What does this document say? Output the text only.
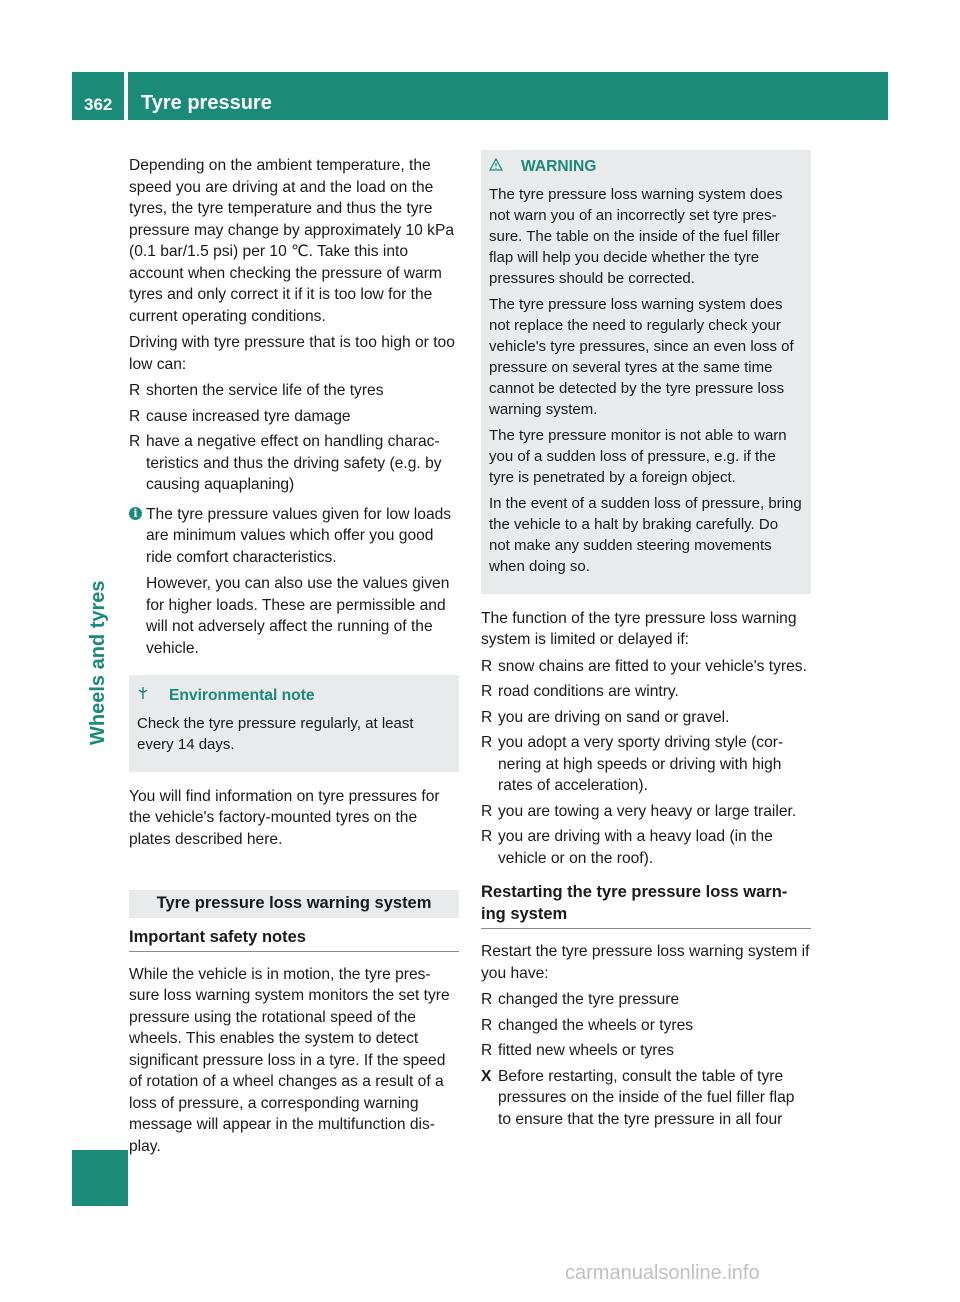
362 Tyre pressure
Wheels and tyres

Depending on the ambient temperature, the speed you are driving at and the load on the tyres, the tyre temperature and thus the tyre pressure may change by approximately 10 kPa (0.1 bar/1.5 psi) per 10 ℃. Take this into account when checking the pressure of warm tyres and only correct it if it is too low for the current operating conditions.

Driving with tyre pressure that is too high or too low can:

R shorten the service life of the tyres
R cause increased tyre damage
R have a negative effect on handling charac-teristics and thus the driving safety (e.g. by causing aquaplaning)
i The tyre pressure values given for low loads are minimum values which offer you good ride comfort characteristics.

However, you can also use the values given for higher loads. These are permissible and will not adversely affect the running of the vehicle.

Environmental note

Check the tyre pressure regularly, at least every 14 days.

You will find information on tyre pressures for the vehicle's factory-mounted tyres on the plates described here.

Tyre pressure loss warning system
Important safety notes

While the vehicle is in motion, the tyre pres-sure loss warning system monitors the set tyre pressure using the rotational speed of the wheels. This enables the system to detect significant pressure loss in a tyre. If the speed of rotation of a wheel changes as a result of a loss of pressure, a corresponding warning message will appear in the multifunction dis-play.

WARNING

The tyre pressure loss warning system does not warn you of an incorrectly set tyre pres-sure. The table on the inside of the fuel filler flap will help you decide whether the tyre pressures should be corrected.

The tyre pressure loss warning system does not replace the need to regularly check your vehicle's tyre pressures, since an even loss of pressure on several tyres at the same time cannot be detected by the tyre pressure loss warning system.

The tyre pressure monitor is not able to warn you of a sudden loss of pressure, e.g. if the tyre is penetrated by a foreign object.

In the event of a sudden loss of pressure, bring the vehicle to a halt by braking carefully. Do not make any sudden steering movements when doing so.

The function of the tyre pressure loss warning system is limited or delayed if:

R snow chains are fitted to your vehicle's tyres.
R road conditions are wintry.
R you are driving on sand or gravel.
R you adopt a very sporty driving style (cor-nering at high speeds or driving with high rates of acceleration).
R you are towing a very heavy or large trailer.
R you are driving with a heavy load (in the vehicle or on the roof).
Restarting the tyre pressure loss warn-ing system

Restart the tyre pressure loss warning system if you have:

R changed the tyre pressure
R changed the wheels or tyres
R fitted new wheels or tyres
X Before restarting, consult the table of tyre pressures on the inside of the fuel filler flap to ensure that the tyre pressure in all four
carmanualsonline.info
